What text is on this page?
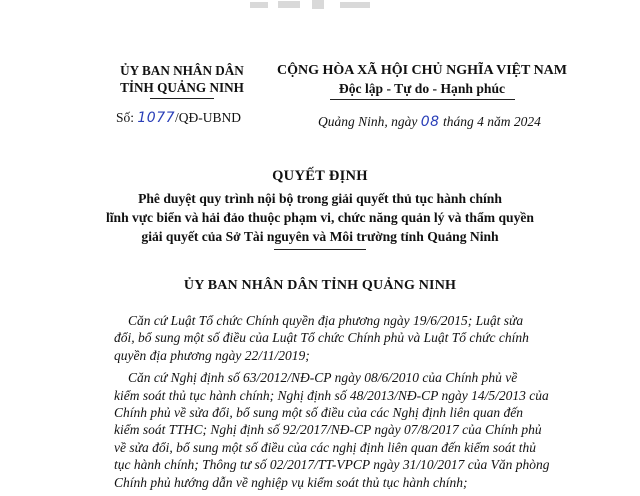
ỦY BAN NHÂN DÂN
TỈNH QUẢNG NINH
Số: 1077/QĐ-UBND
CỘNG HÒA XÃ HỘI CHỦ NGHĨA VIỆT NAM
Độc lập - Tự do - Hạnh phúc
Quảng Ninh, ngày 08 tháng 4 năm 2024
QUYẾT ĐỊNH
Phê duyệt quy trình nội bộ trong giải quyết thủ tục hành chính
lĩnh vực biển và hải đảo thuộc phạm vi, chức năng quản lý và thẩm quyền
giải quyết của Sở Tài nguyên và Môi trường tỉnh Quảng Ninh
ỦY BAN NHÂN DÂN TỈNH QUẢNG NINH

Căn cứ Luật Tổ chức Chính quyền địa phương ngày 19/6/2015; Luật sửa
đổi, bổ sung một số điều của Luật Tổ chức Chính phủ và Luật Tổ chức chính
quyền địa phương ngày 22/11/2019;

Căn cứ Nghị định số 63/2012/NĐ-CP ngày 08/6/2010 của Chính phủ về
kiểm soát thủ tục hành chính; Nghị định số 48/2013/NĐ-CP ngày 14/5/2013 của
Chính phủ về sửa đổi, bổ sung một số điều của các Nghị định liên quan đến
kiểm soát TTHC; Nghị định số 92/2017/NĐ-CP ngày 07/8/2017 của Chính phủ
về sửa đổi, bổ sung một số điều của các nghị định liên quan đến kiểm soát thủ
tục hành chính; Thông tư số 02/2017/TT-VPCP ngày 31/10/2017 của Văn phòng
Chính phủ hướng dẫn về nghiệp vụ kiểm soát thủ tục hành chính;
